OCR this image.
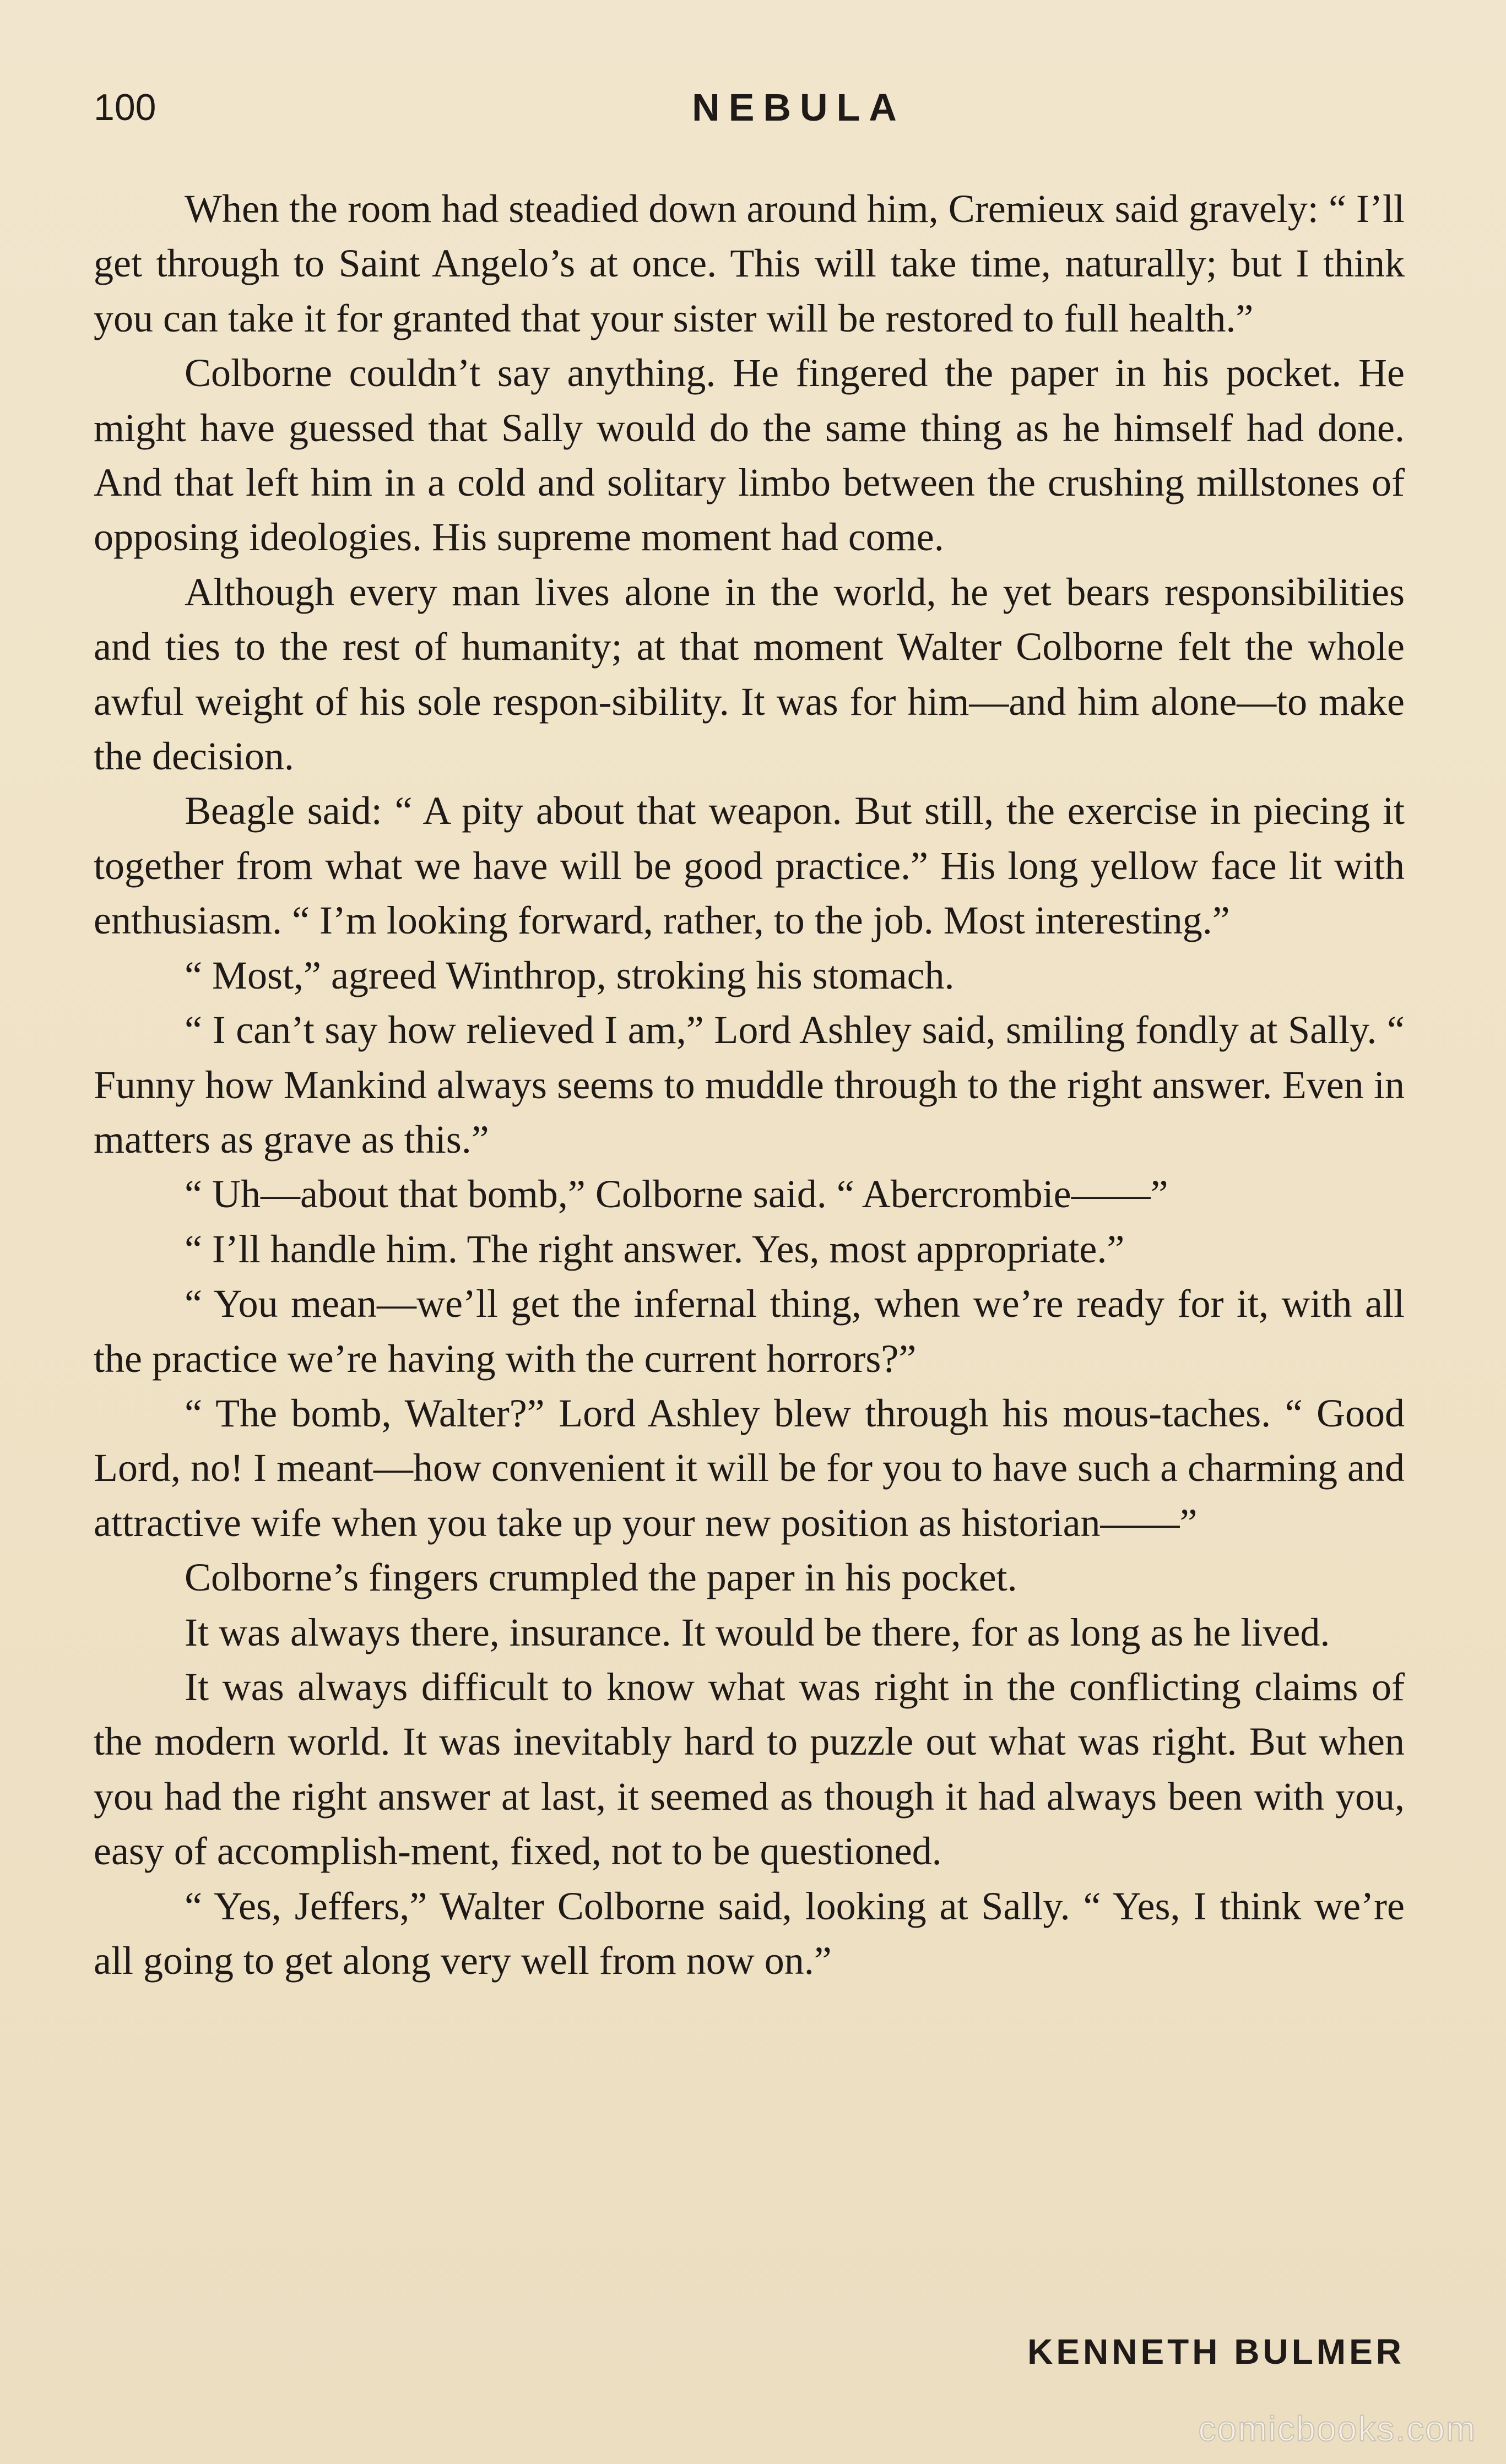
100	NEBULA

When the room had steadied down around him, Cremieux said gravely: “ I’ll get through to Saint Angelo’s at once. This will take time, naturally; but I think you can take it for granted that your sister will be restored to full health.”

Colborne couldn’t say anything. He fingered the paper in his pocket. He might have guessed that Sally would do the same thing as he himself had done. And that left him in a cold and solitary limbo between the crushing millstones of opposing ideologies. His supreme moment had come.

Although every man lives alone in the world, he yet bears responsibilities and ties to the rest of humanity; at that moment Walter Colborne felt the whole awful weight of his sole respon-sibility. It was for him—and him alone—to make the decision.

Beagle said: “ A pity about that weapon. But still, the exercise in piecing it together from what we have will be good practice.” His long yellow face lit with enthusiasm. “ I’m looking forward, rather, to the job. Most interesting.”

“ Most,” agreed Winthrop, stroking his stomach.

“ I can’t say how relieved I am,” Lord Ashley said, smiling fondly at Sally. “ Funny how Mankind always seems to muddle through to the right answer. Even in matters as grave as this.”

“ Uh—about that bomb,” Colborne said. “ Abercrombie——”

“ I’ll handle him. The right answer. Yes, most appropriate.”

“ You mean—we’ll get the infernal thing, when we’re ready for it, with all the practice we’re having with the current horrors?”

“ The bomb, Walter?” Lord Ashley blew through his mous-taches. “ Good Lord, no! I meant—how convenient it will be for you to have such a charming and attractive wife when you take up your new position as historian——”

Colborne’s fingers crumpled the paper in his pocket.

It was always there, insurance. It would be there, for as long as he lived.

It was always difficult to know what was right in the conflicting claims of the modern world. It was inevitably hard to puzzle out what was right. But when you had the right answer at last, it seemed as though it had always been with you, easy of accomplish-ment, fixed, not to be questioned.

“ Yes, Jeffers,” Walter Colborne said, looking at Sally. “ Yes, I think we’re all going to get along very well from now on.”

KENNETH BULMER
comicbooks.com
